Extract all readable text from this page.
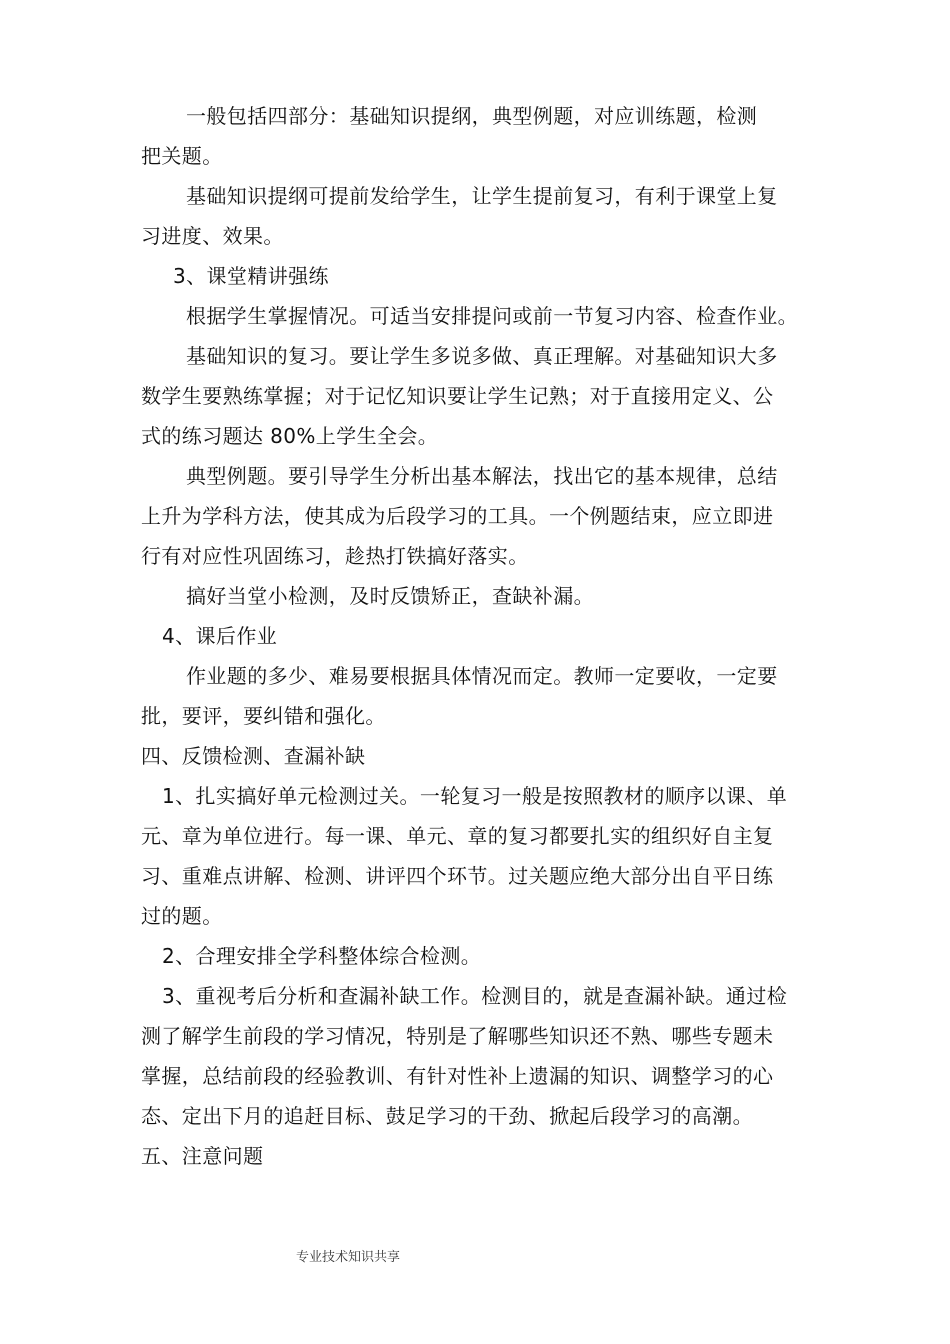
一般包括四部分：基础知识提纲，典型例题，对应训练题，检测
把关题。
基础知识提纲可提前发给学生，让学生提前复习，有利于课堂上复
习进度、效果。
3、课堂精讲强练
根据学生掌握情况。可适当安排提问或前一节复习内容、检查作业。
基础知识的复习。要让学生多说多做、真正理解。对基础知识大多
数学生要熟练掌握；对于记忆知识要让学生记熟；对于直接用定义、公
式的练习题达 80%上学生全会。
典型例题。要引导学生分析出基本解法，找出它的基本规律，总结
上升为学科方法，使其成为后段学习的工具。一个例题结束，应立即进
行有对应性巩固练习，趁热打铁搞好落实。
搞好当堂小检测，及时反馈矫正，查缺补漏。
4、课后作业
作业题的多少、难易要根据具体情况而定。教师一定要收，一定要
批，要评，要纠错和强化。
四、反馈检测、查漏补缺
1、扎实搞好单元检测过关。一轮复习一般是按照教材的顺序以课、单
元、章为单位进行。每一课、单元、章的复习都要扎实的组织好自主复
习、重难点讲解、检测、讲评四个环节。过关题应绝大部分出自平日练
过的题。
2、合理安排全学科整体综合检测。
3、重视考后分析和查漏补缺工作。检测目的，就是查漏补缺。通过检
测了解学生前段的学习情况，特别是了解哪些知识还不熟、哪些专题未
掌握，总结前段的经验教训、有针对性补上遗漏的知识、调整学习的心
态、定出下月的追赶目标、鼓足学习的干劲、掀起后段学习的高潮。
五、注意问题
专业技术知识共享
